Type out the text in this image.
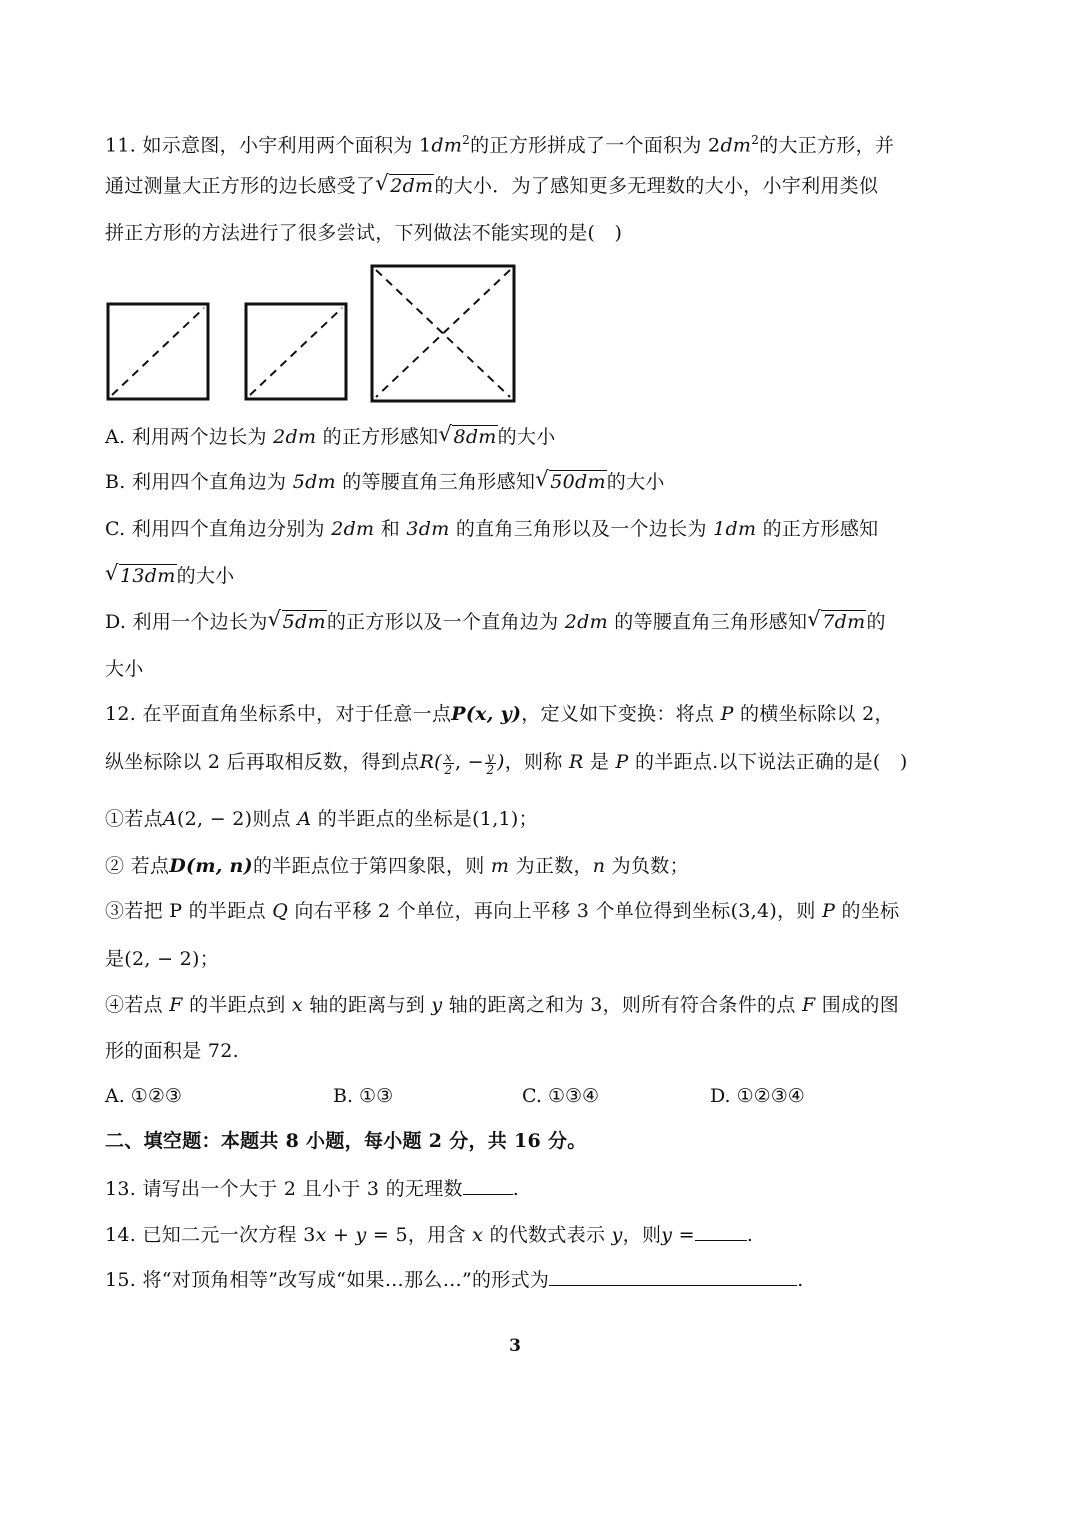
11. 如示意图，小宇利用两个面积为 $1dm^2$的正方形拼成了一个面积为 $2dm^2$的大正方形，并
通过测量大正方形的边长感受了 √ 2dm的大小．为了感知更多无理数的大小，小宇利用类似
拼正方形的方法进行了很多尝试，下列做法不能实现的是(　)
A. 利用两个边长为 2dm 的正方形感知 √ 8dm的大小
B. 利用四个直角边为 5dm 的等腰直角三角形感知 √ 50dm的大小
C. 利用四个直角边分别为 2dm 和 3dm 的直角三角形以及一个边长为 1dm 的正方形感知
√ 13dm的大小
D. 利用一个边长为 √ 5dm的正方形以及一个直角边为 2dm 的等腰直角三角形感知 √ 7dm的
大小
12. 在平面直角坐标系中，对于任意一点P(x, y)，定义如下变换：将点 P 的横坐标除以 2，
纵坐标除以 2 后再取相反数，得到点$R( \frac{x}{2}$ , − $\frac{y}{2}$ )，则称 R 是 P 的半距点.以下说法正确的是(　)
①若点A(2, − 2)则点 A 的半距点的坐标是(1,1)；
② 若点D(m, n)的半距点位于第四象限，则 m 为正数，n 为负数；
③若把 P 的半距点 Q 向右平移 2 个单位，再向上平移 3 个单位得到坐标(3,4)，则 P 的坐标
是(2, − 2)；
④若点 F 的半距点到 x 轴的距离与到 y 轴的距离之和为 3，则所有符合条件的点 F 围成的图
形的面积是 72.
A. ①②③	B. ①③	C. ①③④	D. ①②③④
二、填空题：本题共 8 小题，每小题 2 分，共 16 分。
13. 请写出一个大于 2 且小于 3 的无理数	.
14. 已知二元一次方程 3x + y = 5，用含 x 的代数式表示 y，则y =	.
15. 将“对顶角相等”改写成“如果…那么…”的形式为	.
3
